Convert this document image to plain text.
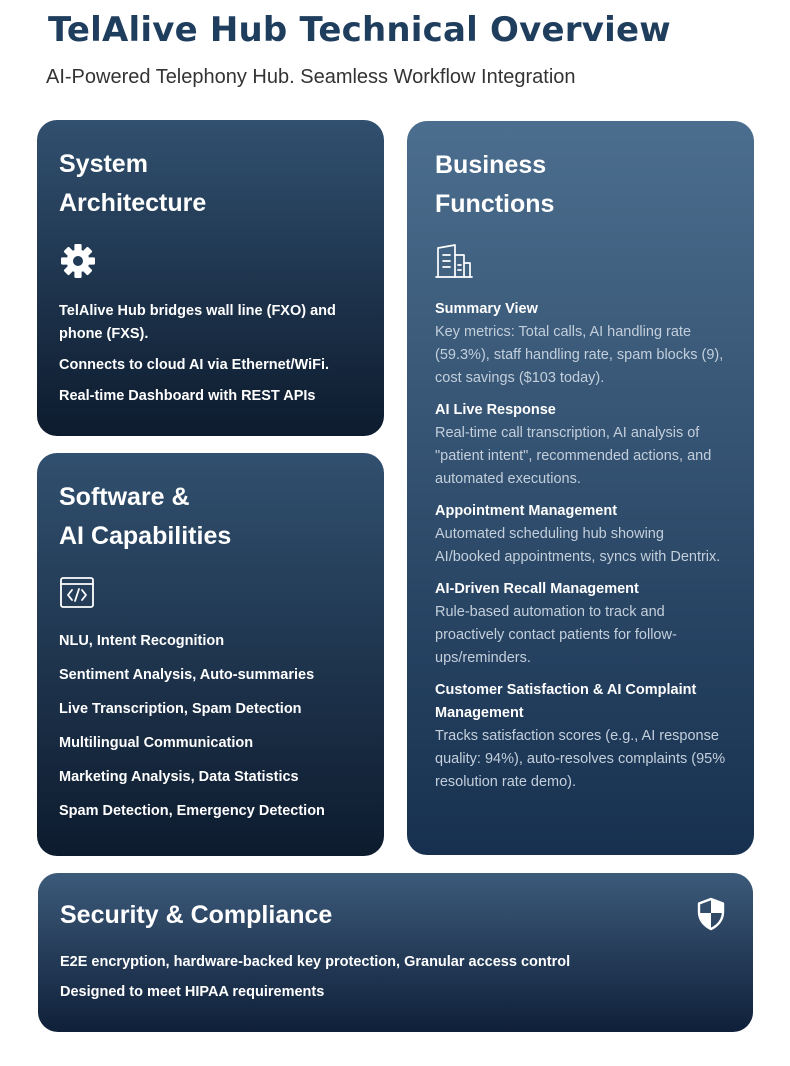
TelAlive Hub Technical Overview

AI-Powered Telephony Hub. Seamless Workflow Integration

System
Architecture

TelAlive Hub bridges wall line (FXO) and phone (FXS).

Connects to cloud AI via Ethernet/WiFi.

Real-time Dashboard with REST APIs

Software &
AI Capabilities

NLU, Intent Recognition

Sentiment Analysis, Auto-summaries

Live Transcription, Spam Detection

Multilingual Communication

Marketing Analysis, Data Statistics

Spam Detection, Emergency Detection

Business
Functions
Summary View
Key metrics: Total calls, AI handling rate (59.3%), staff handling rate, spam blocks (9), cost savings ($103 today).
AI Live Response
Real-time call transcription, AI analysis of "patient intent", recommended actions, and automated executions.
Appointment Management
Automated scheduling hub showing AI/booked appointments, syncs with Dentrix.
AI-Driven Recall Management
Rule-based automation to track and proactively contact patients for follow-ups/reminders.
Customer Satisfaction & AI Complaint Management
Tracks satisfaction scores (e.g., AI response quality: 94%), auto-resolves complaints (95% resolution rate demo).
Security & Compliance

E2E encryption, hardware-backed key protection, Granular access control

Designed to meet HIPAA requirements
